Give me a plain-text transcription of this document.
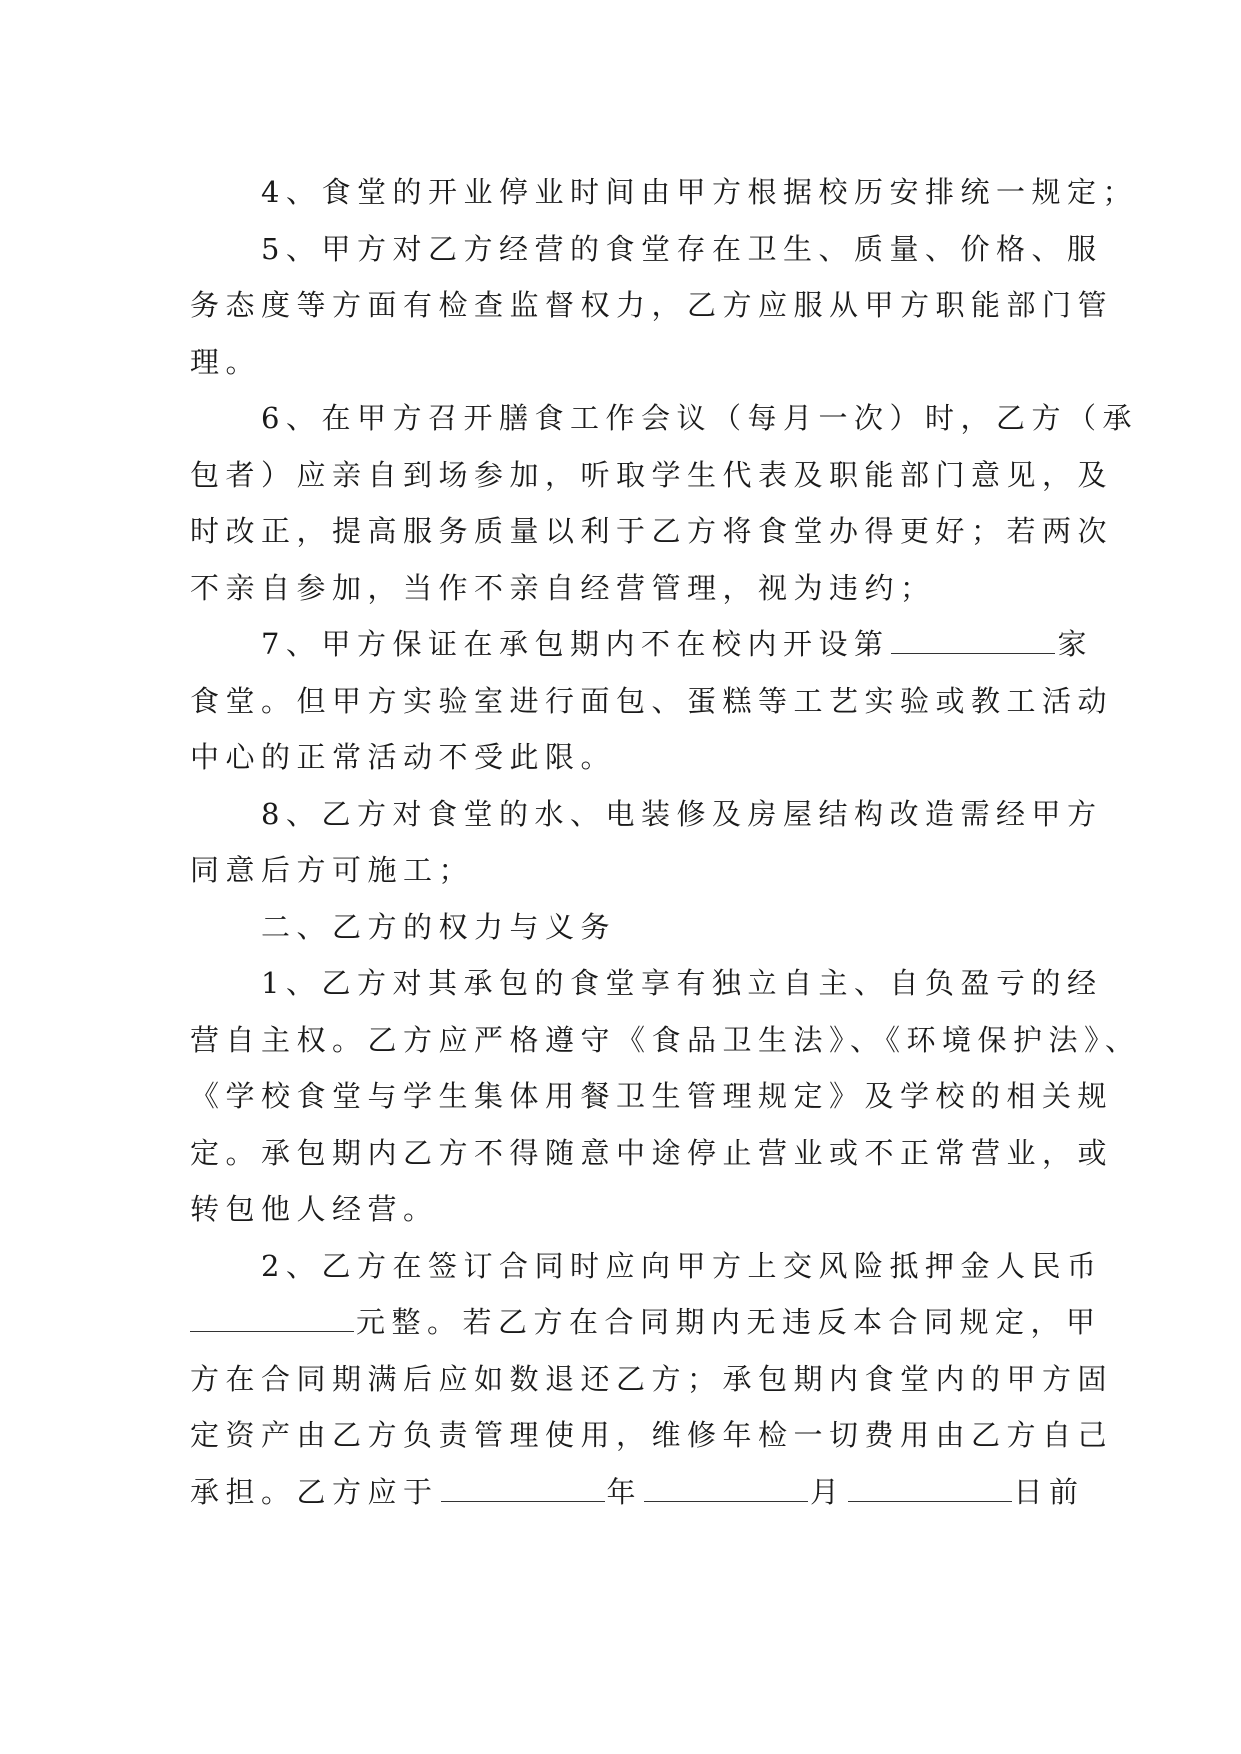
　　4、食堂的开业停业时间由甲方根据校历安排统一规定；
　　5、甲方对乙方经营的食堂存在卫生、质量、价格、服
务态度等方面有检查监督权力，乙方应服从甲方职能部门管
理。
　　6、在甲方召开膳食工作会议（每月一次）时，乙方（承
包者）应亲自到场参加，听取学生代表及职能部门意见，及
时改正，提高服务质量以利于乙方将食堂办得更好；若两次
不亲自参加，当作不亲自经营管理，视为违约；
　　7、甲方保证在承包期内不在校内开设第	家
食堂。但甲方实验室进行面包、蛋糕等工艺实验或教工活动
中心的正常活动不受此限。
　　8、乙方对食堂的水、电装修及房屋结构改造需经甲方
同意后方可施工；
　　二、乙方的权力与义务
　　1、乙方对其承包的食堂享有独立自主、自负盈亏的经
营自主权。乙方应严格遵守《食品卫生法》、《环境保护法》、
《学校食堂与学生集体用餐卫生管理规定》及学校的相关规
定。承包期内乙方不得随意中途停止营业或不正常营业，或
转包他人经营。
　　2、乙方在签订合同时应向甲方上交风险抵押金人民币
元整。若乙方在合同期内无违反本合同规定，甲
方在合同期满后应如数退还乙方；承包期内食堂内的甲方固
定资产由乙方负责管理使用，维修年检一切费用由乙方自己
承担。乙方应于	年	月	日前
